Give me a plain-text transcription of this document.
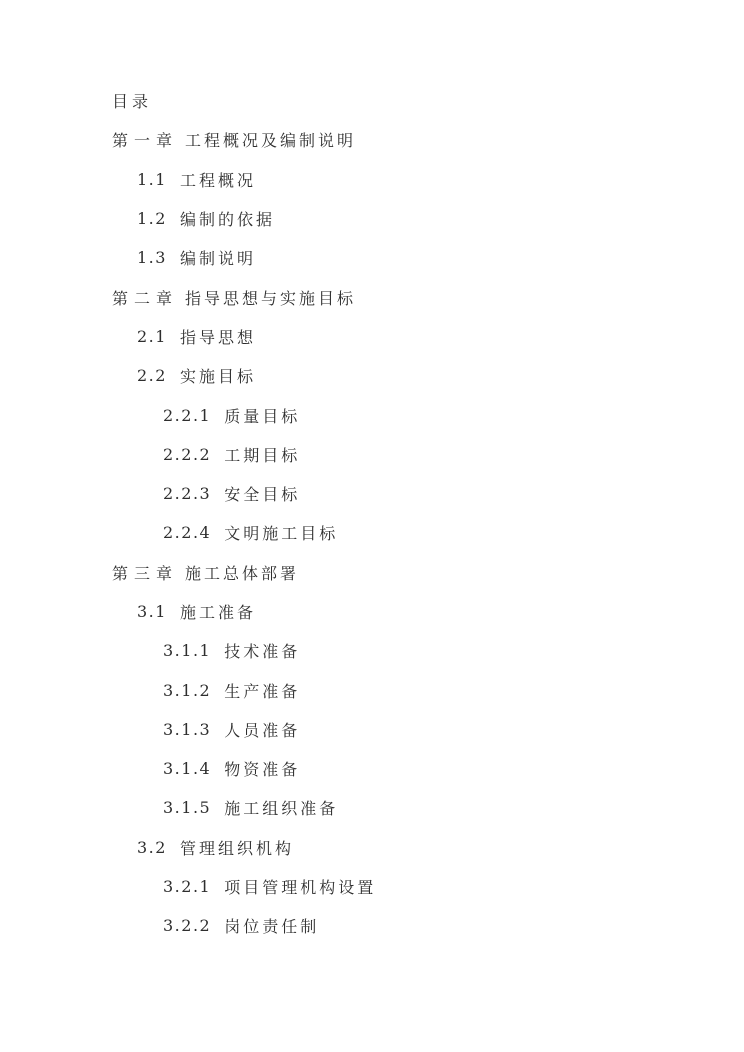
目录
第一章 工程概况及编制说明
1.1 工程概况
1.2 编制的依据
1.3 编制说明
第二章 指导思想与实施目标
2.1 指导思想
2.2 实施目标
2.2.1 质量目标
2.2.2 工期目标
2.2.3 安全目标
2.2.4 文明施工目标
第三章 施工总体部署
3.1 施工准备
3.1.1 技术准备
3.1.2 生产准备
3.1.3 人员准备
3.1.4 物资准备
3.1.5 施工组织准备
3.2 管理组织机构
3.2.1 项目管理机构设置
3.2.2 岗位责任制
